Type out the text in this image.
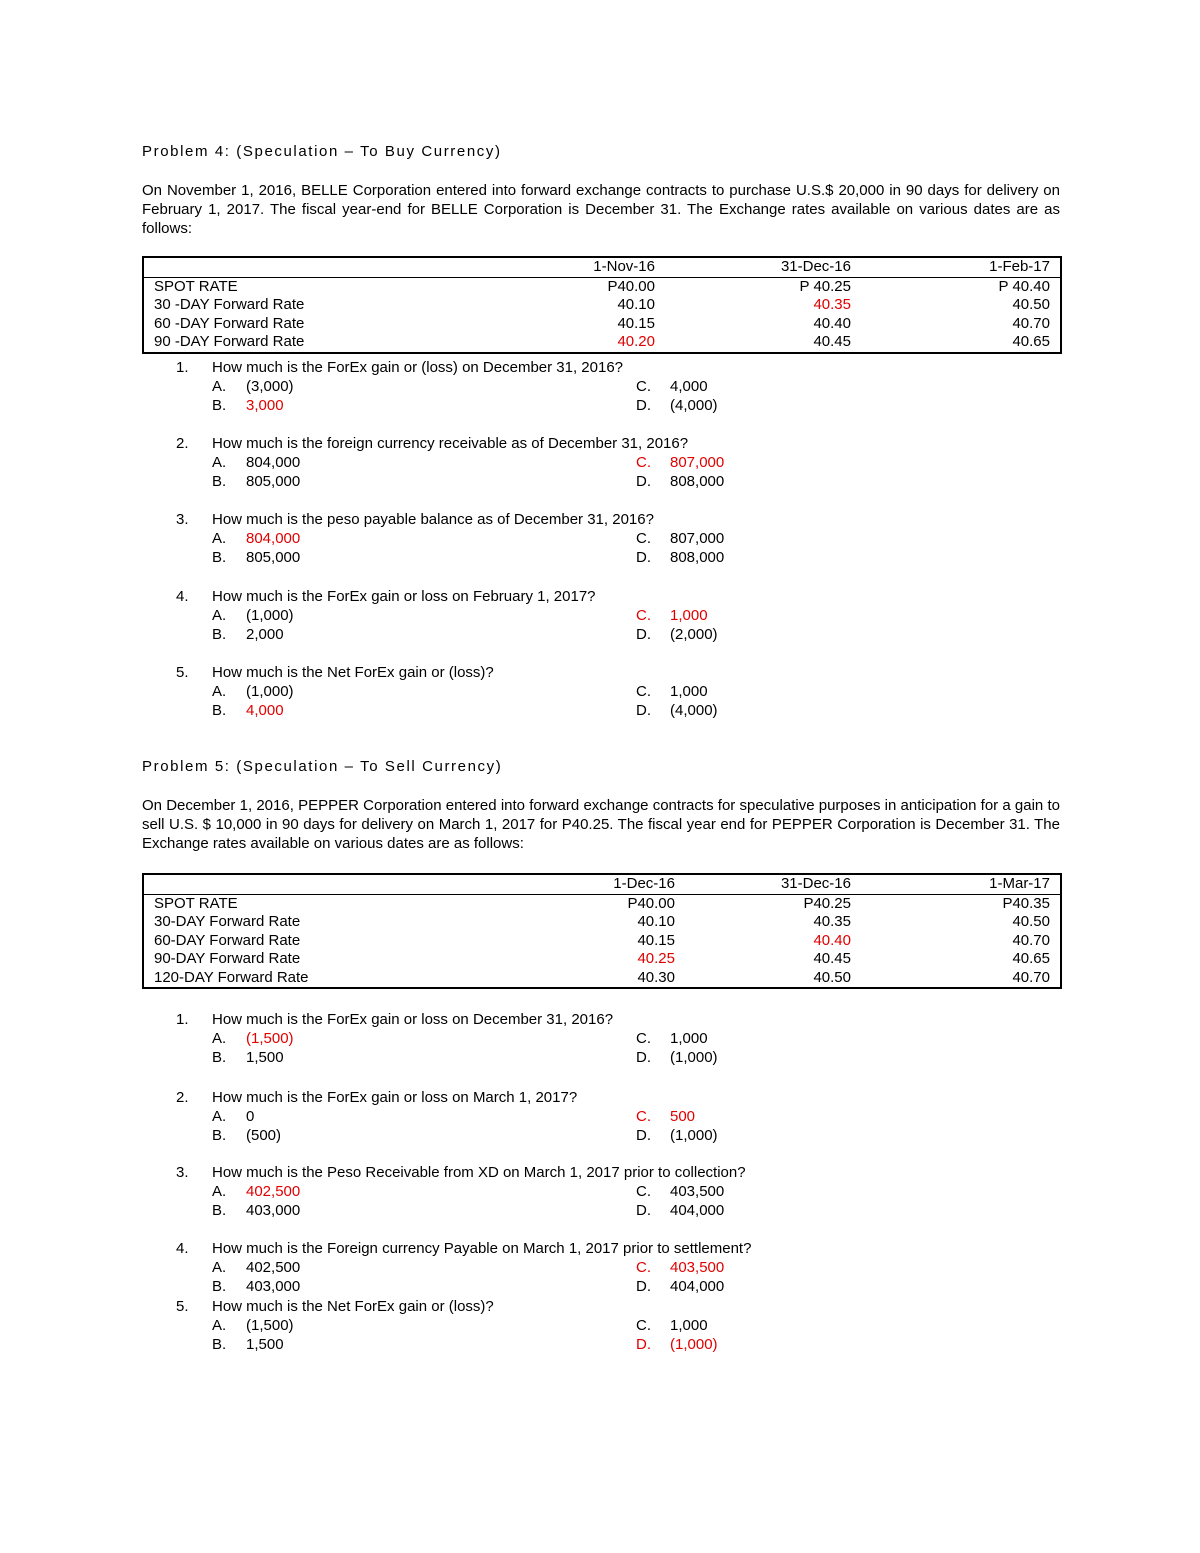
Problem 4: (Speculation – To Buy Currency)
On November 1, 2016, BELLE Corporation entered into forward exchange contracts to purchase U.S.$ 20,000 in 90 days for delivery on February 1, 2017. The fiscal year-end for BELLE Corporation is December 31. The Exchange rates available on various dates are as follows:
	1-Nov-16	31-Dec-16	1-Feb-17
SPOT RATE	P40.00	P 40.25	P 40.40
30 -DAY Forward Rate	40.10	40.35	40.50
60 -DAY Forward Rate	40.15	40.40	40.70
90 -DAY Forward Rate	40.20	40.45	40.65
1. How much is the ForEx gain or (loss) on December 31, 2016?
A. (3,000)	C. 4,000
B. 3,000	D. (4,000)
2. How much is the foreign currency receivable as of December 31, 2016?
A. 804,000	C. 807,000
B. 805,000	D. 808,000
3. How much is the peso payable balance as of December 31, 2016?
A. 804,000	C. 807,000
B. 805,000	D. 808,000
4. How much is the ForEx gain or loss on February 1, 2017?
A. (1,000)	C. 1,000
B. 2,000	D. (2,000)
5. How much is the Net ForEx gain or (loss)?
A. (1,000)	C. 1,000
B. 4,000	D. (4,000)
Problem 5: (Speculation – To Sell Currency)
On December 1, 2016, PEPPER Corporation entered into forward exchange contracts for speculative purposes in anticipation for a gain to sell U.S. $ 10,000 in 90 days for delivery on March 1, 2017 for P40.25. The fiscal year end for PEPPER Corporation is December 31. The Exchange rates available on various dates are as follows:
	1-Dec-16	31-Dec-16	1-Mar-17
SPOT RATE	P40.00	P40.25	P40.35
30-DAY Forward Rate	40.10	40.35	40.50
60-DAY Forward Rate	40.15	40.40	40.70
90-DAY Forward Rate	40.25	40.45	40.65
120-DAY Forward Rate	40.30	40.50	40.70
1. How much is the ForEx gain or loss on December 31, 2016?
A. (1,500)	C. 1,000
B. 1,500	D. (1,000)
2. How much is the ForEx gain or loss on March 1, 2017?
A. 0	C. 500
B. (500)	D. (1,000)
3. How much is the Peso Receivable from XD on March 1, 2017 prior to collection?
A. 402,500	C. 403,500
B. 403,000	D. 404,000
4. How much is the Foreign currency Payable on March 1, 2017 prior to settlement?
A. 402,500	C. 403,500
B. 403,000	D. 404,000
5. How much is the Net ForEx gain or (loss)?
A. (1,500)	C. 1,000
B. 1,500	D. (1,000)
